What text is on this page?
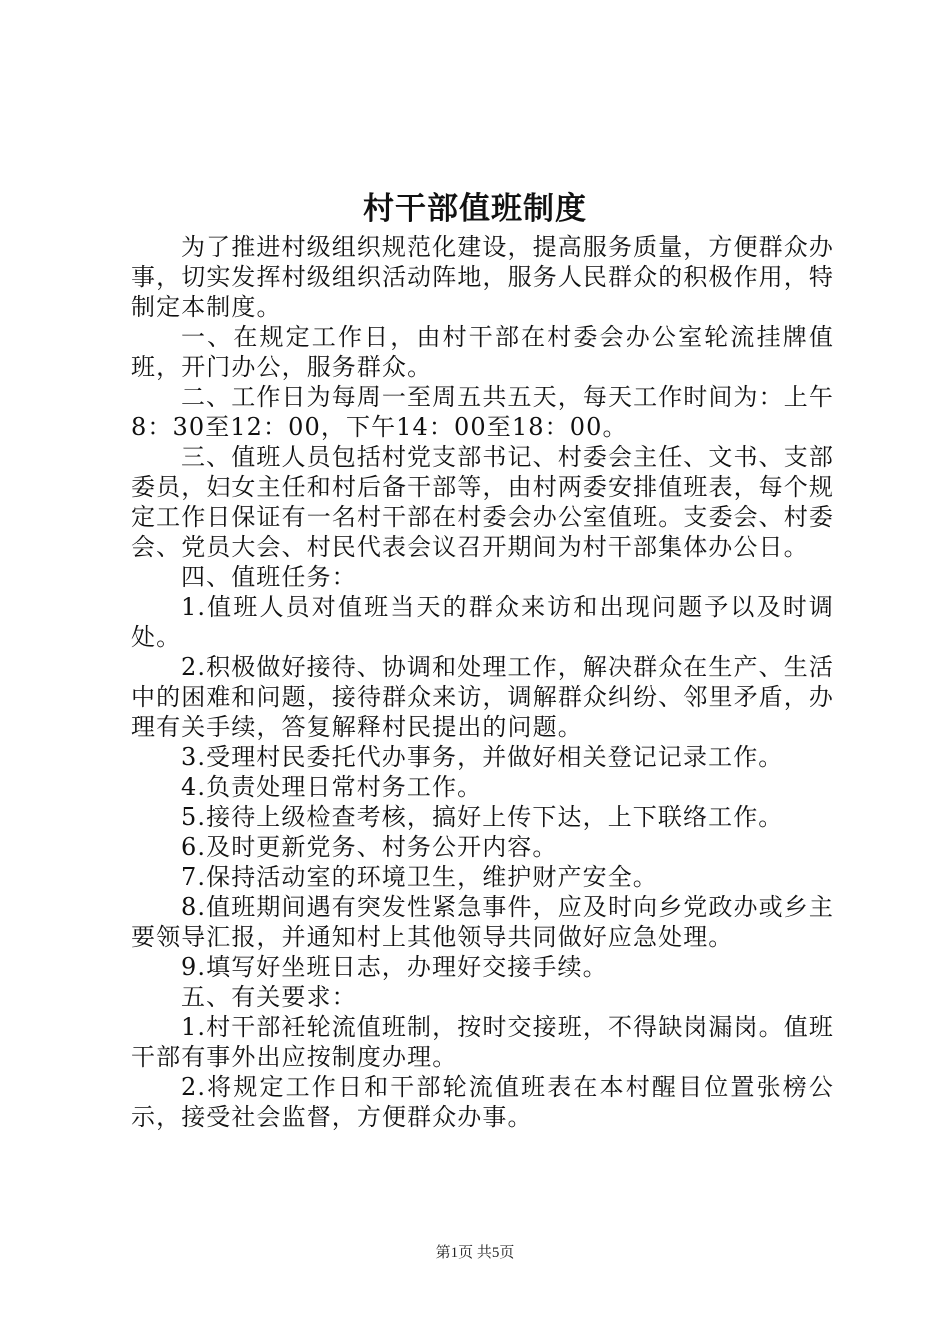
村干部值班制度

为了推进村级组织规范化建设，提高服务质量，方便群众办事，切实发挥村级组织活动阵地，服务人民群众的积极作用，特制定本制度。

一、在规定工作日，由村干部在村委会办公室轮流挂牌值班，开门办公，服务群众。

二、工作日为每周一至周五共五天，每天工作时间为：上午8：30至12：00，下午14：00至18：00。

三、值班人员包括村党支部书记、村委会主任、文书、支部委员，妇女主任和村后备干部等，由村两委安排值班表，每个规定工作日保证有一名村干部在村委会办公室值班。支委会、村委会、党员大会、村民代表会议召开期间为村干部集体办公日。

四、值班任务：

1.值班人员对值班当天的群众来访和出现问题予以及时调处。

2.积极做好接待、协调和处理工作，解决群众在生产、生活中的困难和问题，接待群众来访，调解群众纠纷、邻里矛盾，办理有关手续，答复解释村民提出的问题。

3.受理村民委托代办事务，并做好相关登记记录工作。

4.负责处理日常村务工作。

5.接待上级检查考核，搞好上传下达，上下联络工作。

6.及时更新党务、村务公开内容。

7.保持活动室的环境卫生，维护财产安全。

8.值班期间遇有突发性紧急事件，应及时向乡党政办或乡主要领导汇报，并通知村上其他领导共同做好应急处理。

9.填写好坐班日志，办理好交接手续。

五、有关要求：

1.村干部衽轮流值班制，按时交接班，不得缺岗漏岗。值班干部有事外出应按制度办理。

2.将规定工作日和干部轮流值班表在本村醒目位置张榜公示，接受社会监督，方便群众办事。

第1页 共5页
